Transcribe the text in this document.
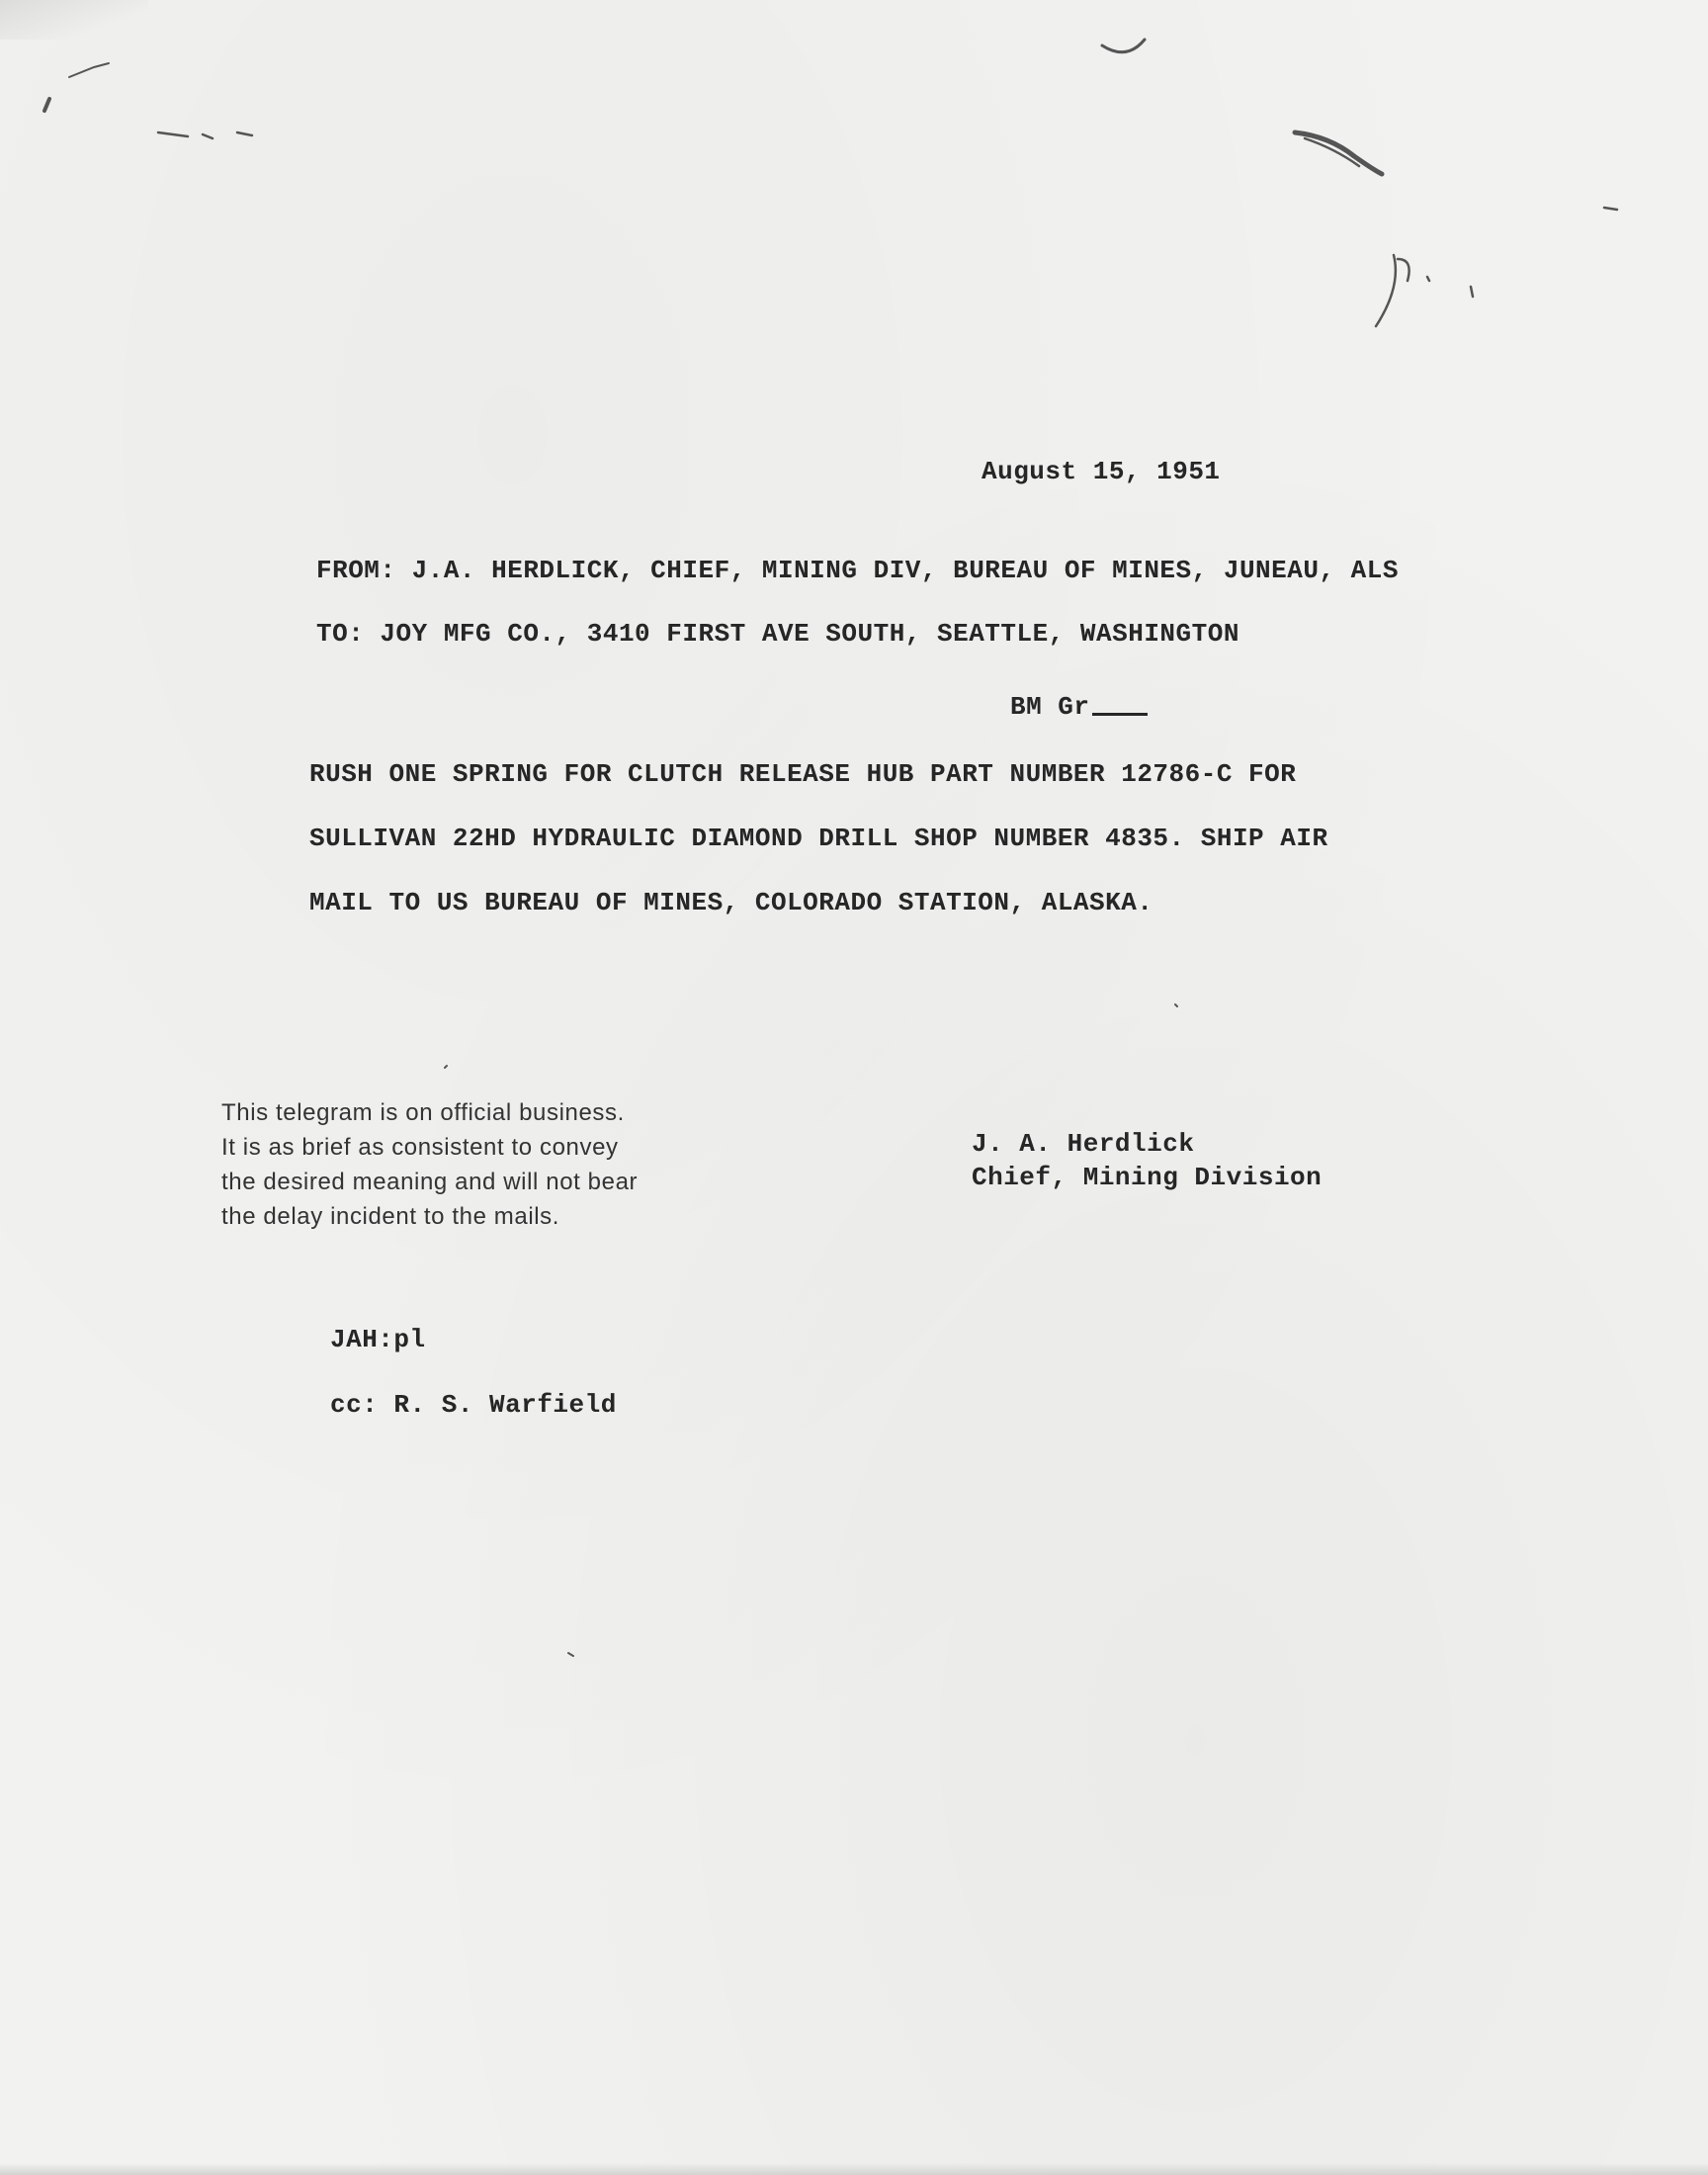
August 15, 1951
FROM: J.A. HERDLICK, CHIEF, MINING DIV, BUREAU OF MINES, JUNEAU, ALS
TO: JOY MFG CO., 3410 FIRST AVE SOUTH, SEATTLE, WASHINGTON
BM Gr
RUSH ONE SPRING FOR CLUTCH RELEASE HUB PART NUMBER 12786-C FOR
SULLIVAN 22HD HYDRAULIC DIAMOND DRILL SHOP NUMBER 4835. SHIP AIR
MAIL TO US BUREAU OF MINES, COLORADO STATION, ALASKA.
This telegram is on official business.
It is as brief as consistent to convey
the desired meaning and will not bear
the delay incident to the mails.
J. A. Herdlick
Chief, Mining Division
JAH:pl
cc: R. S. Warfield
